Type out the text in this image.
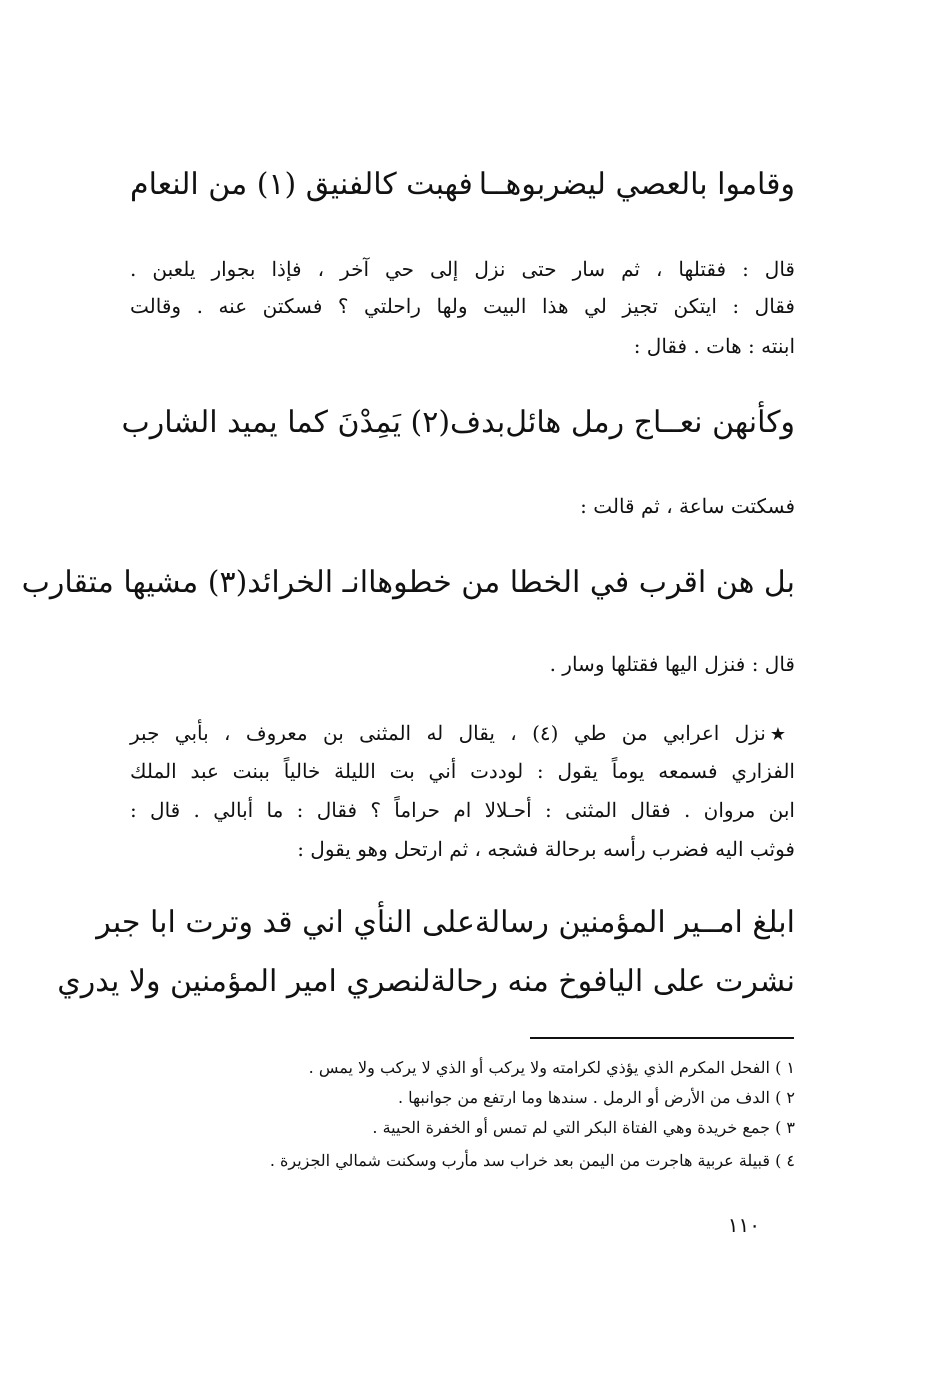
وقاموا بالعصي ليضربوهــا
فهبت كالفنيق (١) من النعام
قال : فقتلها ، ثم سار حتى نزل إلى حي آخر ، فإذا بجوار يلعبن .
فقال : ايتكن تجيز لي هذا البيت ولها راحلتي ؟ فسكتن عنه . وقالت
ابنته : هات . فقال :
وكأنهن نعــاج رمل هائل
بدف(٢) يَمِدْنَ كما يميد الشارب
فسكتت ساعة ، ثم قالت :
بل هن اقرب في الخطا من خطوها
انـ الخرائد(٣) مشيها متقارب
قال : فنزل اليها فقتلها وسار .
★نزل اعرابي من طي (٤) ، يقال له المثنى بن معروف ، بأبي جبر
الفزاري فسمعه يوماً يقول : لوددت أني بت الليلة خالياً ببنت عبد الملك
ابن مروان . فقال المثنى : أحـلالا ام حراماً ؟ فقال : ما أبالي . قال :
فوثب اليه فضرب رأسه برحالة فشجه ، ثم ارتحل وهو يقول :
ابلغ امــير المؤمنين رسالة
على النأي اني قد وترت ابا جبر
نشرت على اليافوخ منه رحالة
لنصري امير المؤمنين ولا يدري
١ ) الفحل المكرم الذي يؤذي لكرامته ولا يركب أو الذي لا يركب ولا يمس .
٢ ) الدف من الأرض أو الرمل . سندها وما ارتفع من جوانبها .
٣ ) جمع خريدة وهي الفتاة البكر التي لم تمس أو الخفرة الحيية .
٤ ) قبيلة عربية هاجرت من اليمن بعد خراب سد مأرب وسكنت شمالي الجزيرة .
١١٠
